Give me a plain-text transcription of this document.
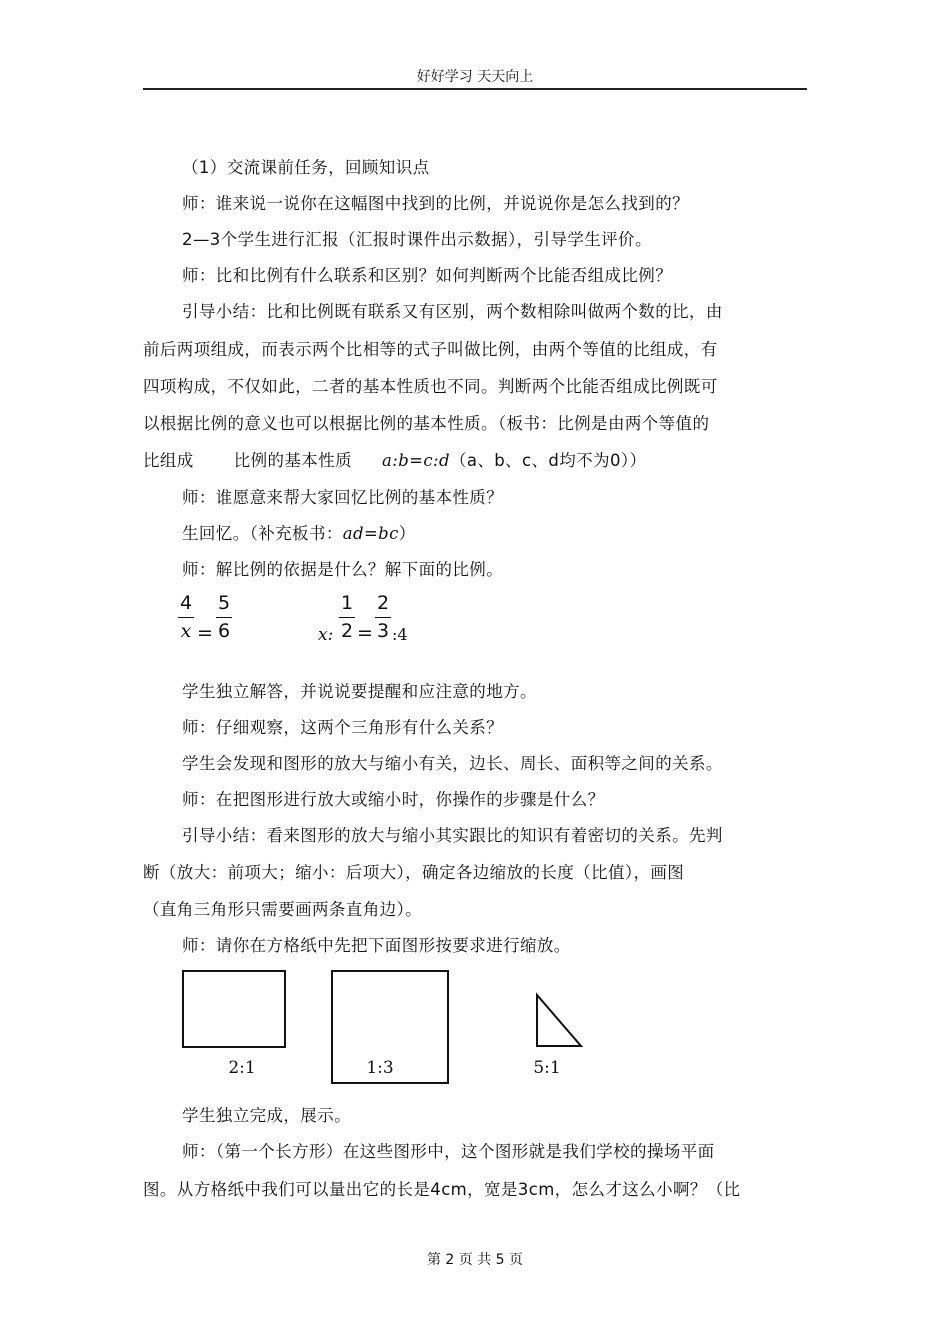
好好学习 天天向上
（1）交流课前任务，回顾知识点
师：谁来说一说你在这幅图中找到的比例，并说说你是怎么找到的？
2—3个学生进行汇报（汇报时课件出示数据），引导学生评价。
师：比和比例有什么联系和区别？如何判断两个比能否组成比例？
引导小结：比和比例既有联系又有区别，两个数相除叫做两个数的比，由
前后两项组成，而表示两个比相等的式子叫做比例，由两个等值的比组成，有
四项构成，不仅如此，二者的基本性质也不同。判断两个比能否组成比例既可
以根据比例的意义也可以根据比例的基本性质。（板书：比例是由两个等值的
比组成 比例的基本性质 a:b=c:d（a、b、c、d均不为0））
师：谁愿意来帮大家回忆比例的基本性质？
生回忆。（补充板书：ad=bc）
师：解比例的依据是什么？解下面的比例。
4
x =
5
6	x:
1
2 =
2
3 :4
学生独立解答，并说说要提醒和应注意的地方。
师：仔细观察，这两个三角形有什么关系？
学生会发现和图形的放大与缩小有关，边长、周长、面积等之间的关系。
师：在把图形进行放大或缩小时，你操作的步骤是什么？
引导小结：看来图形的放大与缩小其实跟比的知识有着密切的关系。先判
断（放大：前项大；缩小：后项大），确定各边缩放的长度（比值），画图
（直角三角形只需要画两条直角边）。
师：请你在方格纸中先把下面图形按要求进行缩放。
2:1	1:3	5:1
学生独立完成，展示。
师：（第一个长方形）在这些图形中，这个图形就是我们学校的操场平面
图。从方格纸中我们可以量出它的长是4cm，宽是3cm，怎么才这么小啊？（比
第 2 页 共 5 页
